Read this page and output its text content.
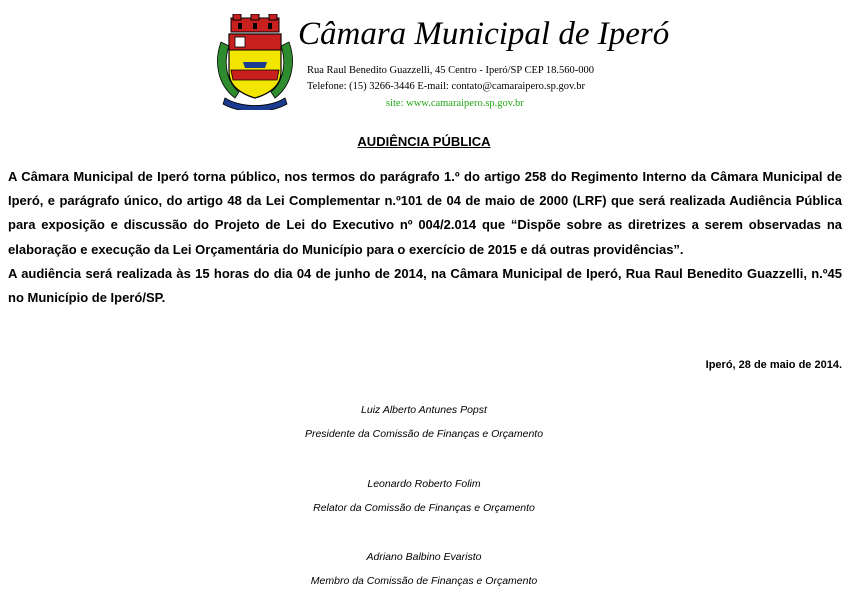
Câmara Municipal de Iperó
Rua Raul Benedito Guazzelli, 45 Centro - Iperó/SP CEP 18.560-000
Telefone: (15) 3266-3446 E-mail: contato@camaraipero.sp.gov.br
site: www.camaraipero.sp.gov.br
AUDIÊNCIA PÚBLICA

A Câmara Municipal de Iperó torna público, nos termos do parágrafo 1.º do artigo 258 do Regimento Interno da Câmara Municipal de Iperó, e parágrafo único, do artigo 48 da Lei Complementar n.º101 de 04 de maio de 2000 (LRF) que será realizada Audiência Pública para exposição e discussão do Projeto de Lei do Executivo nº 004/2.014 que “Dispõe sobre as diretrizes a serem observadas na elaboração e execução da Lei Orçamentária do Município para o exercício de 2015 e dá outras providências”.

A audiência será realizada às 15 horas do dia 04 de junho de 2014, na Câmara Municipal de Iperó, Rua Raul Benedito Guazzelli, n.º45 no Município de Iperó/SP.

Iperó, 28 de maio de 2014.
Luiz Alberto Antunes Popst
Presidente da Comissão de Finanças e Orçamento
Leonardo Roberto Folim
Relator da Comissão de Finanças e Orçamento
Adriano Balbino Evaristo
Membro da Comissão de Finanças e Orçamento
